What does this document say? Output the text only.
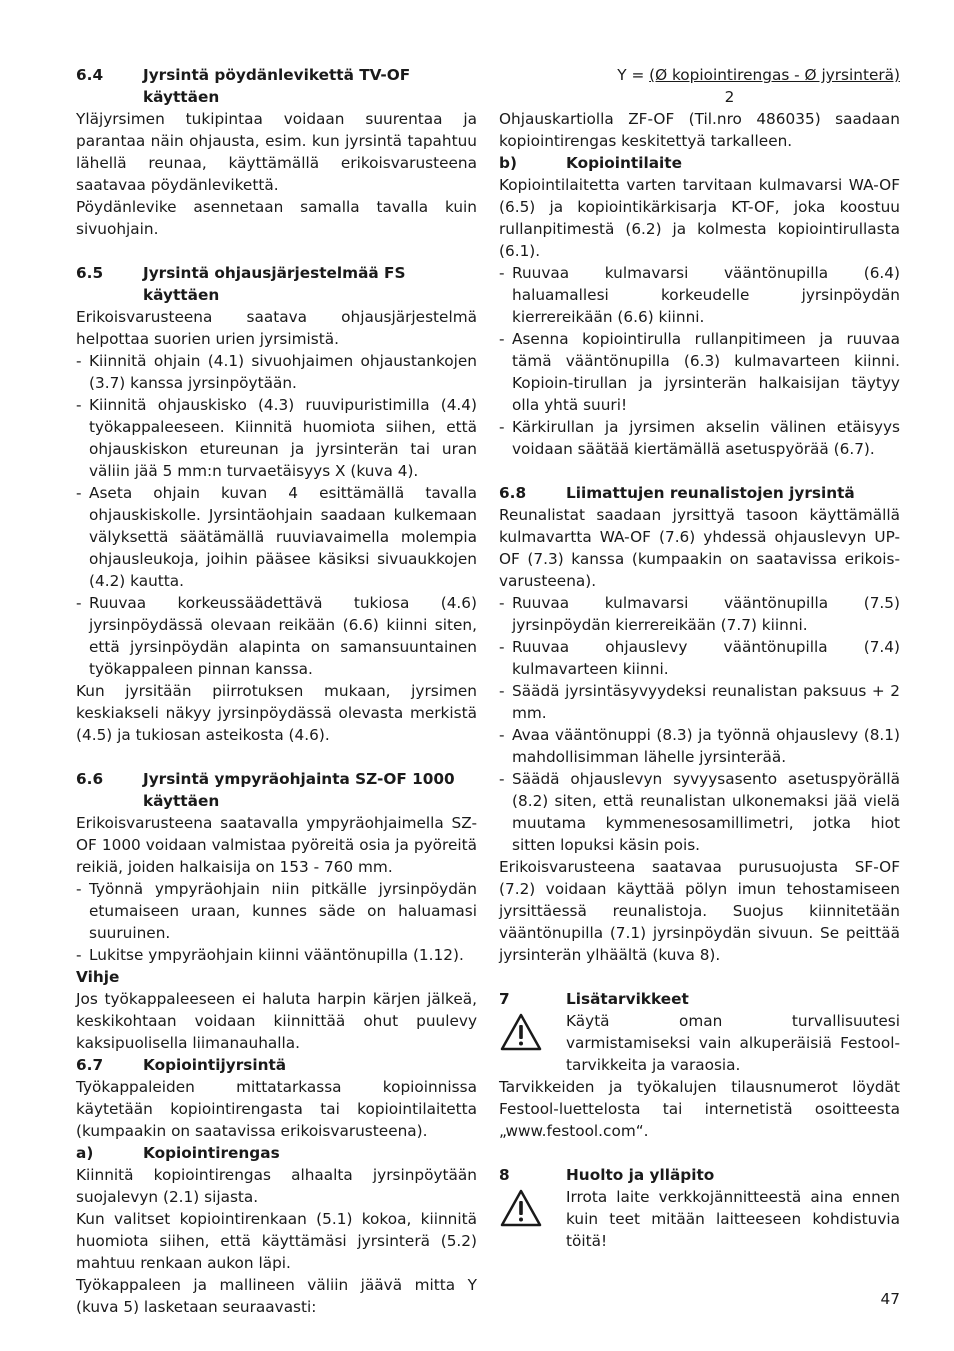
6.4	Jyrsintä pöydänlevikettä TV-OF käyttäen

Yläjyrsimen tukipintaa voidaan suurentaa ja parantaa näin ohjausta, esim. kun jyrsintä tapahtuu lähellä reunaa, käyttämällä erikoisvarusteena saatavaa pöydänlevikettä.

Pöydänlevike asennetaan samalla tavalla kuin sivuohjain.

6.5	Jyrsintä ohjausjärjestelmää FS käyttäen

Erikoisvarusteena saatava ohjausjärjestelmä helpottaa suorien urien jyrsimistä.

- Kiinnitä ohjain (4.1) sivuohjaimen ohjaustankojen (3.7) kanssa jyrsinpöytään.
- Kiinnitä ohjauskisko (4.3) ruuvipuristimilla (4.4) työkappaleeseen. Kiinnitä huomiota siihen, että ohjauskiskon etureunan ja jyrsinterän tai uran väliin jää 5 mm:n turvaetäisyys X (kuva 4).
- Aseta ohjain kuvan 4 esittämällä tavalla ohjauskiskolle. Jyrsintäohjain saadaan kulkemaan välyksettä säätämällä ruuviavaimella molempia ohjausleukoja, joihin pääsee käsiksi sivuaukkojen (4.2) kautta.
- Ruuvaa korkeussäädettävä tukiosa (4.6) jyrsinpöydässä olevaan reikään (6.6) kiinni siten, että jyrsinpöydän alapinta on samansuuntainen työkappaleen pinnan kanssa.

Kun jyrsitään piirrotuksen mukaan, jyrsimen keskiakseli näkyy jyrsinpöydässä olevasta merkistä (4.5) ja tukiosan asteikosta (4.6).

6.6	Jyrsintä ympyräohjainta SZ-OF 1000 käyttäen

Erikoisvarusteena saatavalla ympyräohjaimella SZ-OF 1000 voidaan valmistaa pyöreitä osia ja pyöreitä reikiä, joiden halkaisija on 153 - 760 mm.

- Työnnä ympyräohjain niin pitkälle jyrsinpöydän etumaiseen uraan, kunnes säde on haluamasi suuruinen.
- Lukitse ympyräohjain kiinni vääntönupilla (1.12).

Vihje

Jos työkappaleeseen ei haluta harpin kärjen jälkeä, keskikohtaan voidaan kiinnittää ohut puulevy kaksipuolisella liimanauhalla.

6.7	Kopiointijyrsintä

Työkappaleiden mittatarkassa kopioinnissa käytetään kopiointirengasta tai kopiointilaitetta (kumpaakin on saatavissa erikoisvarusteena).

a)	Kopiointirengas

Kiinnitä kopiointirengas alhaalta jyrsinpöytään suojalevyn (2.1) sijasta.

Kun valitset kopiointirenkaan (5.1) kokoa, kiinnitä huomiota siihen, että käyttämäsi jyrsinterä (5.2) mahtuu renkaan aukon läpi.

Työkappaleen ja mallineen väliin jäävä mitta Y (kuva 5) lasketaan seuraavasti:

Y = (Ø kopiointirengas - Ø jyrsinterä)

2

Ohjauskartiolla ZF-OF (Til.nro 486035) saadaan kopiointirengas keskitettyä tarkalleen.

b)	Kopiointilaite

Kopiointilaitetta varten tarvitaan kulmavarsi WA-OF (6.5) ja kopiointikärkisarja KT-OF, joka koostuu rullanpitimestä (6.2) ja kolmesta kopiointirullasta (6.1).

- Ruuvaa kulmavarsi vääntönupilla (6.4) haluamallesi korkeudelle jyrsinpöydän kierrereikään (6.6) kiinni.
- Asenna kopiointirulla rullanpitimeen ja ruuvaa tämä vääntönupilla (6.3) kulmavarteen kiinni. Kopioin-tirullan ja jyrsinterän halkaisijan täytyy olla yhtä suuri!
- Kärkirullan ja jyrsimen akselin välinen etäisyys voidaan säätää kiertämällä asetuspyörää (6.7).
6.8	Liimattujen reunalistojen jyrsintä

Reunalistat saadaan jyrsittyä tasoon käyttämällä kulmavartta WA-OF (7.6) yhdessä ohjauslevyn UP-OF (7.3) kanssa (kumpaakin on saatavissa erikois-varusteena).

- Ruuvaa kulmavarsi vääntönupilla (7.5) jyrsinpöydän kierrereikään (7.7) kiinni.
- Ruuvaa ohjauslevy vääntönupilla (7.4) kulmavarteen kiinni.
- Säädä jyrsintäsyvyydeksi reunalistan paksuus + 2 mm.
- Avaa vääntönuppi (8.3) ja työnnä ohjauslevy (8.1) mahdollisimman lähelle jyrsinterää.
- Säädä ohjauslevyn syvyysasento asetuspyörällä (8.2) siten, että reunalistan ulkonemaksi jää vielä muutama kymmenesosamillimetri, jotka hiot sitten lopuksi käsin pois.

Erikoisvarusteena saatavaa purusuojusta SF-OF (7.2) voidaan käyttää pölyn imun tehostamiseen jyrsittäessä reunalistoja. Suojus kiinnitetään vääntönupilla (7.1) jyrsinpöydän sivuun. Se peittää jyrsinterän ylhäältä (kuva 8).

7	Lisätarvikkeet
Käytä oman turvallisuutesi varmistamiseksi vain alkuperäisiä Festool-tarvikkeita ja varaosia.

Tarvikkeiden ja työkalujen tilausnumerot löydät Festool-luettelosta tai internetistä osoitteesta „www.festool.com“.

8	Huolto ja ylläpito
Irrota laite verkkojännitteestä aina ennen kuin teet mitään laitteeseen kohdistuvia töitä!
47
